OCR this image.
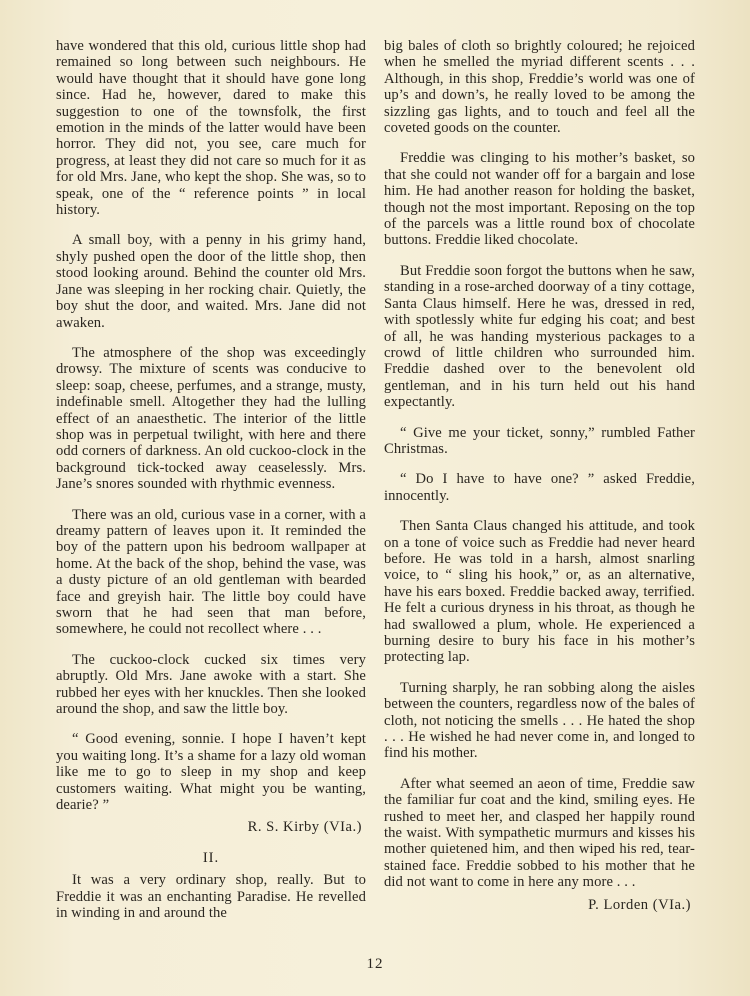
have wondered that this old, curious little shop had remained so long between such neighbours. He would have thought that it should have gone long since. Had he, however, dared to make this suggestion to one of the townsfolk, the first emotion in the minds of the latter would have been horror. They did not, you see, care much for progress, at least they did not care so much for it as for old Mrs. Jane, who kept the shop. She was, so to speak, one of the “ reference points ” in local history.

A small boy, with a penny in his grimy hand, shyly pushed open the door of the little shop, then stood looking around. Behind the counter old Mrs. Jane was sleeping in her rocking chair. Quietly, the boy shut the door, and waited. Mrs. Jane did not awaken.

The atmosphere of the shop was exceedingly drowsy. The mixture of scents was conducive to sleep: soap, cheese, perfumes, and a strange, musty, indefinable smell. Altogether they had the lulling effect of an anaesthetic. The interior of the little shop was in perpetual twilight, with here and there odd corners of darkness. An old cuckoo-clock in the background tick-tocked away ceaselessly. Mrs. Jane’s snores sounded with rhythmic evenness.

There was an old, curious vase in a corner, with a dreamy pattern of leaves upon it. It reminded the boy of the pattern upon his bedroom wallpaper at home. At the back of the shop, behind the vase, was a dusty picture of an old gentleman with bearded face and greyish hair. The little boy could have sworn that he had seen that man before, somewhere, he could not recollect where . . .

The cuckoo-clock cucked six times very abruptly. Old Mrs. Jane awoke with a start. She rubbed her eyes with her knuckles. Then she looked around the shop, and saw the little boy.

“ Good evening, sonnie. I hope I haven’t kept you waiting long. It’s a shame for a lazy old woman like me to go to sleep in my shop and keep customers waiting. What might you be wanting, dearie? ”

R. S. Kirby (VIa.)
II.

It was a very ordinary shop, really. But to Freddie it was an enchanting Paradise. He revelled in winding in and around the

big bales of cloth so brightly coloured; he rejoiced when he smelled the myriad different scents . . . Although, in this shop, Freddie’s world was one of up’s and down’s, he really loved to be among the sizzling gas lights, and to touch and feel all the coveted goods on the counter.

Freddie was clinging to his mother’s basket, so that she could not wander off for a bargain and lose him. He had another reason for holding the basket, though not the most important. Reposing on the top of the parcels was a little round box of chocolate buttons. Freddie liked chocolate.

But Freddie soon forgot the buttons when he saw, standing in a rose-arched doorway of a tiny cottage, Santa Claus himself. Here he was, dressed in red, with spotlessly white fur edging his coat; and best of all, he was handing mysterious packages to a crowd of little children who surrounded him. Freddie dashed over to the benevolent old gentleman, and in his turn held out his hand expectantly.

“ Give me your ticket, sonny,” rumbled Father Christmas.

“ Do I have to have one? ” asked Freddie, innocently.

Then Santa Claus changed his attitude, and took on a tone of voice such as Freddie had never heard before. He was told in a harsh, almost snarling voice, to “ sling his hook,” or, as an alternative, have his ears boxed. Freddie backed away, terrified. He felt a curious dryness in his throat, as though he had swallowed a plum, whole. He experienced a burning desire to bury his face in his mother’s protecting lap.

Turning sharply, he ran sobbing along the aisles between the counters, regardless now of the bales of cloth, not noticing the smells . . . He hated the shop . . . He wished he had never come in, and longed to find his mother.

After what seemed an aeon of time, Freddie saw the familiar fur coat and the kind, smiling eyes. He rushed to meet her, and clasped her happily round the waist. With sympathetic murmurs and kisses his mother quietened him, and then wiped his red, tear-stained face. Freddie sobbed to his mother that he did not want to come in here any more . . .

P. Lorden (VIa.)
12
